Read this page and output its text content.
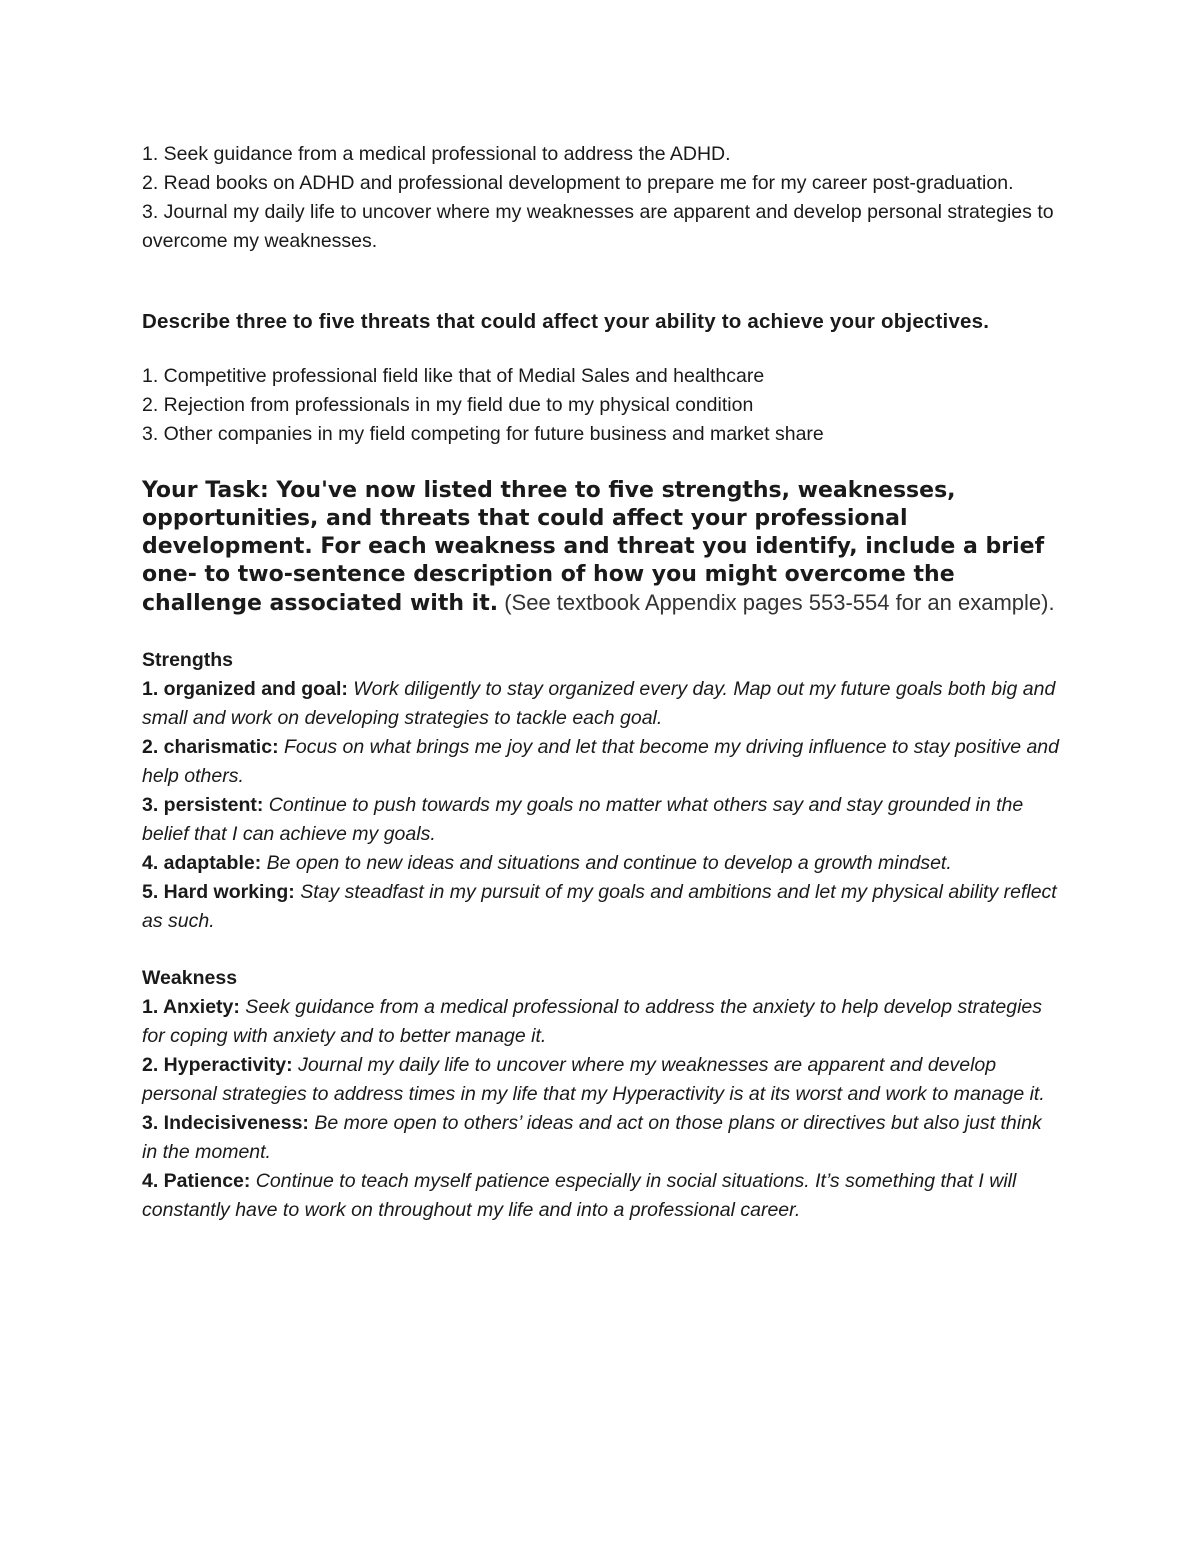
1. Seek guidance from a medical professional to address the ADHD.

2. Read books on ADHD and professional development to prepare me for my career post-graduation.

3. Journal my daily life to uncover where my weaknesses are apparent and develop personal strategies to overcome my weaknesses.

Describe three to five threats that could affect your ability to achieve your objectives.

1. Competitive professional field like that of Medial Sales and healthcare

2. Rejection from professionals in my field due to my physical condition

3. Other companies in my field competing for future business and market share

Your Task: You've now listed three to five strengths, weaknesses, opportunities, and threats that could affect your professional development. For each weakness and threat you identify, include a brief one- to two-sentence description of how you might overcome the challenge associated with it. (See textbook Appendix pages 553-554 for an example).

Strengths

1. organized and goal: Work diligently to stay organized every day. Map out my future goals both big and small and work on developing strategies to tackle each goal.

2. charismatic: Focus on what brings me joy and let that become my driving influence to stay positive and help others.

3. persistent: Continue to push towards my goals no matter what others say and stay grounded in the belief that I can achieve my goals.

4. adaptable: Be open to new ideas and situations and continue to develop a growth mindset.

5. Hard working: Stay steadfast in my pursuit of my goals and ambitions and let my physical ability reflect as such.

Weakness

1. Anxiety: Seek guidance from a medical professional to address the anxiety to help develop strategies for coping with anxiety and to better manage it.

2. Hyperactivity: Journal my daily life to uncover where my weaknesses are apparent and develop personal strategies to address times in my life that my Hyperactivity is at its worst and work to manage it.

3. Indecisiveness: Be more open to others’ ideas and act on those plans or directives but also just think in the moment.

4. Patience: Continue to teach myself patience especially in social situations. It’s something that I will constantly have to work on throughout my life and into a professional career.
